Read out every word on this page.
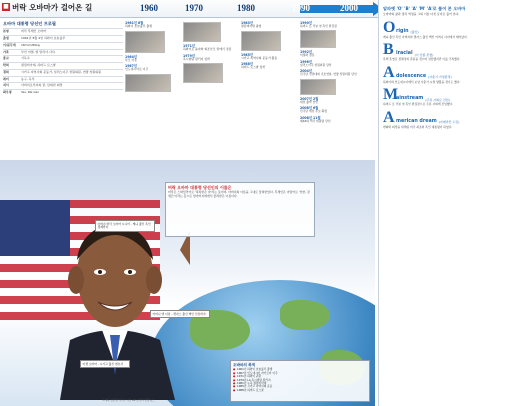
■ 버락 오바마가 걸어온 길	1960	1970	1980	1990	2000
오바마 대통령 당선인 프로필
본명	버락 후세인 오바마
출생	1961년 8월 4일 하와이 호놀룰루
키/몸무게	187cm/80kg
가족	부인 미셸, 딸 말리아·사샤
종교	기독교
학력	컬럼비아대, 하버드 로스쿨
경력	시카고 지역사회 운동가, 일리노이주 상원의원, 연방 상원의원
취미	농구, 독서
저서	아버지로부터의 꿈, 담대한 희망
좌우명	Yes, We Can
1961년 8월
하와이 호놀룰루 출생
1964년
부모 이혼
1967년
인도네시아로 이주
1971년
하와이로 돌아와 외조부모 밑에서 성장
1979년
옥시덴털 칼리지 입학
1983년
컬럼비아대 졸업
1985년
시카고 지역사회 운동가 활동
1988년
하버드 로스쿨 입학
1990년
하버드 로 리뷰 첫 흑인 편집장
1992년
미셸과 결혼
1996년
일리노이주 상원의원 당선
2004년
민주당 전당대회 기조연설, 연방 상원의원 당선
2007년 2월
대선 출마 선언
2008년 6월
민주당 대선 후보 확정
2008년 11월
제44대 미국 대통령 당선
버락 오바마 대통령 당선인의 이름은
버락은 스와힐리어로 '축복받은 자'라는 뜻이며, 아버지의 이름을 그대로 물려받았다. 후세인은 아랍어로 '선한, 잘생긴'이라는 뜻으로 할아버지에게서 물려받은 이름이다.
어머니 앤 더넘 - 캔자스 출신 백인 인류학자
아버지 버락 오바마 시니어 - 케냐 출신 흑인 경제학자
미셸 오바마 - 시카고 출신 변호사	오바마의 족적
● 1961년 하와이 호놀룰루 출생
● 1967년 인도네시아 자카르타 이주
● 1971년 하와이 귀환
● 1979년 LA 옥시덴털 칼리지
● 1981년 뉴욕 컬럼비아대
● 1985년 시카고 지역사회 운동
● 1988년 하버드 로스쿨
그래픽 김민경 기자 / 사진 AP·로이터·연합뉴스
알파벳 'O' 'B' 'A' 'M' 'A'로 풀어 본 오바마
오바마의 삶과 정치 역정을 그의 이름 다섯 글자로 풀어 본다.
O rigin (출신)
케냐 출신 흑인 아버지와 캔자스 출신 백인 어머니 사이에서 태어났다.
B iracial (이 인종·혼혈)
흑백 혼혈로 정체성의 혼란을 겪으며 성장했지만 이를 극복했다.
A dolescence (사춘기·가정환경)
하와이와 인도네시아에서 보낸 사춘기 시절 방황을 겪기도 했다.
M
ainstream (주류 사회로 진입)
하버드 로 리뷰 첫 흑인 편집장으로 주류 사회에 진입했다.
A merican dream (아메리칸 드림)
변화와 희망을 내세워 미국 최초의 흑인 대통령이 되었다.
